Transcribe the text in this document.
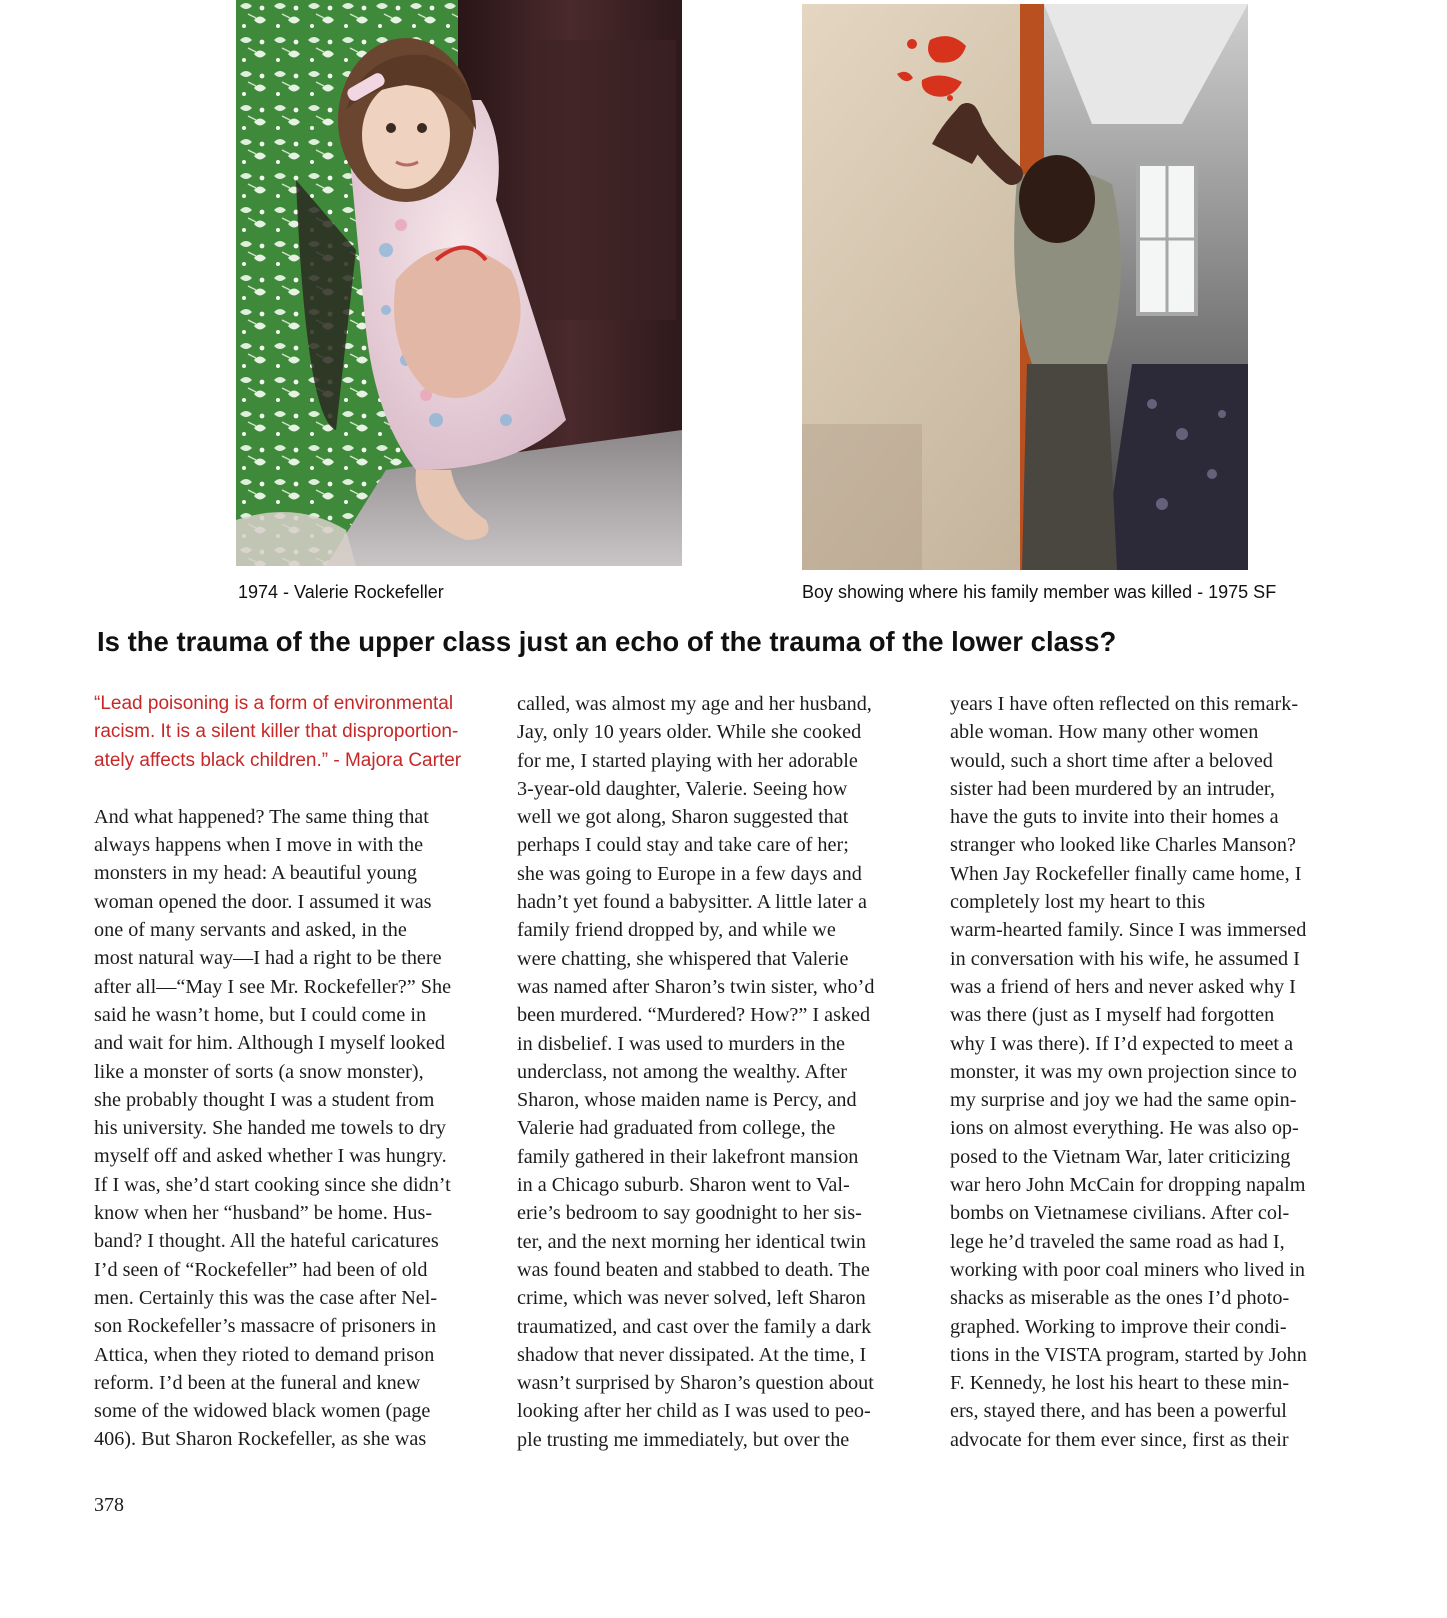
1974 - Valerie Rockefeller	Boy showing where his family member was killed - 1975 SF
Is the trauma of the upper class just an echo of the trauma of the lower class?
“Lead poisoning is a form of environmental
racism. It is a silent killer that disproportion-
ately affects black children.” - Majora Carter
And what happened? The same thing that
always happens when I move in with the
monsters in my head: A beautiful young
woman opened the door. I assumed it was
one of many servants and asked, in the
most natural way—I had a right to be there
after all—“May I see Mr. Rockefeller?” She
said he wasn’t home, but I could come in
and wait for him. Although I myself looked
like a monster of sorts (a snow monster),
she probably thought I was a student from
his university. She handed me towels to dry
myself off and asked whether I was hungry.
If I was, she’d start cooking since she didn’t
know when her “husband” be home. Hus-
band? I thought. All the hateful caricatures
I’d seen of “Rockefeller” had been of old
men. Certainly this was the case after Nel-
son Rockefeller’s massacre of prisoners in
Attica, when they rioted to demand prison
reform. I’d been at the funeral and knew
some of the widowed black women (page
406). But Sharon Rockefeller, as she was
called, was almost my age and her husband,
Jay, only 10 years older. While she cooked
for me, I started playing with her adorable
3-year-old daughter, Valerie. Seeing how
well we got along, Sharon suggested that
perhaps I could stay and take care of her;
she was going to Europe in a few days and
hadn’t yet found a babysitter. A little later a
family friend dropped by, and while we
were chatting, she whispered that Valerie
was named after Sharon’s twin sister, who’d
been murdered. “Murdered? How?” I asked
in disbelief. I was used to murders in the
underclass, not among the wealthy. After
Sharon, whose maiden name is Percy, and
Valerie had graduated from college, the
family gathered in their lakefront mansion
in a Chicago suburb. Sharon went to Val-
erie’s bedroom to say goodnight to her sis-
ter, and the next morning her identical twin
was found beaten and stabbed to death. The
crime, which was never solved, left Sharon
traumatized, and cast over the family a dark
shadow that never dissipated. At the time, I
wasn’t surprised by Sharon’s question about
looking after her child as I was used to peo-
ple trusting me immediately, but over the
years I have often reflected on this remark-
able woman. How many other women
would, such a short time after a beloved
sister had been murdered by an intruder,
have the guts to invite into their homes a
stranger who looked like Charles Manson?
When Jay Rockefeller finally came home, I
completely lost my heart to this
warm-hearted family. Since I was immersed
in conversation with his wife, he assumed I
was a friend of hers and never asked why I
was there (just as I myself had forgotten
why I was there). If I’d expected to meet a
monster, it was my own projection since to
my surprise and joy we had the same opin-
ions on almost everything. He was also op-
posed to the Vietnam War, later criticizing
war hero John McCain for dropping napalm
bombs on Vietnamese civilians. After col-
lege he’d traveled the same road as had I,
working with poor coal miners who lived in
shacks as miserable as the ones I’d photo-
graphed. Working to improve their condi-
tions in the VISTA program, started by John
F. Kennedy, he lost his heart to these min-
ers, stayed there, and has been a powerful
advocate for them ever since, first as their
378
